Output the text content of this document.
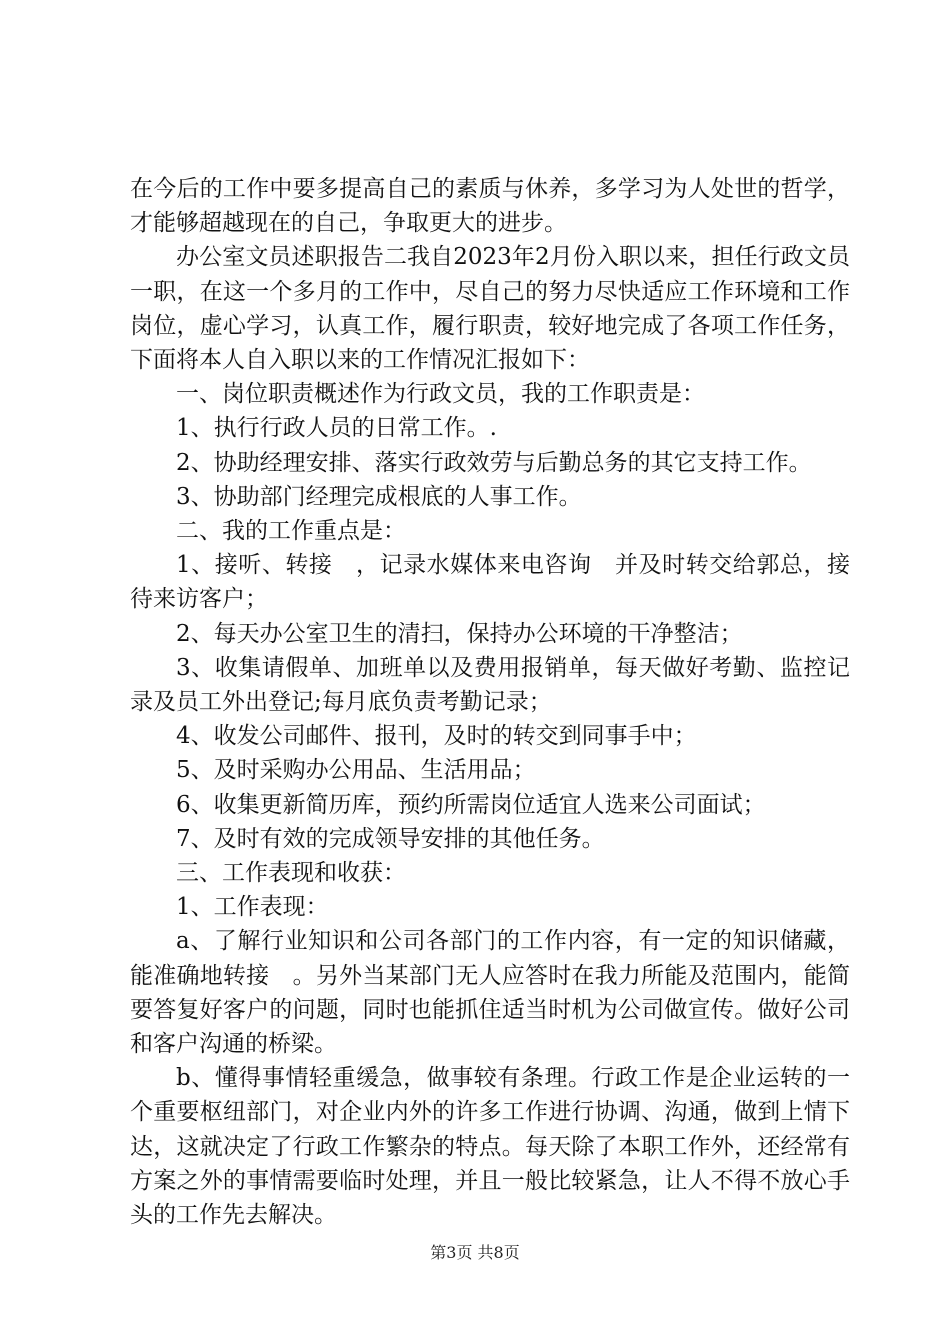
在今后的工作中要多提高自己的素质与休养，多学习为人处世的哲学，才能够超越现在的自己，争取更大的进步。

办公室文员述职报告二我自2023年2月份入职以来，担任行政文员一职，在这一个多月的工作中，尽自己的努力尽快适应工作环境和工作岗位，虚心学习，认真工作，履行职责，较好地完成了各项工作任务，下面将本人自入职以来的工作情况汇报如下：

一、岗位职责概述作为行政文员，我的工作职责是：

1、执行行政人员的日常工作。.

2、协助经理安排、落实行政效劳与后勤总务的其它支持工作。

3、协助部门经理完成根底的人事工作。

二、我的工作重点是：

1、接听、转接　，记录水媒体来电咨询　并及时转交给郭总，接待来访客户；

2、每天办公室卫生的清扫，保持办公环境的干净整洁；

3、收集请假单、加班单以及费用报销单，每天做好考勤、监控记录及员工外出登记;每月底负责考勤记录；

4、收发公司邮件、报刊，及时的转交到同事手中；

5、及时采购办公用品、生活用品；

6、收集更新简历库，预约所需岗位适宜人选来公司面试；

7、及时有效的完成领导安排的其他任务。

三、工作表现和收获：

1、工作表现：

a、了解行业知识和公司各部门的工作内容，有一定的知识储藏，能准确地转接　。另外当某部门无人应答时在我力所能及范围内，能简要答复好客户的问题，同时也能抓住适当时机为公司做宣传。做好公司和客户沟通的桥梁。

b、懂得事情轻重缓急，做事较有条理。行政工作是企业运转的一个重要枢纽部门，对企业内外的许多工作进行协调、沟通，做到上情下达，这就决定了行政工作繁杂的特点。每天除了本职工作外，还经常有方案之外的事情需要临时处理，并且一般比较紧急，让人不得不放心手头的工作先去解决。

第3页 共8页
